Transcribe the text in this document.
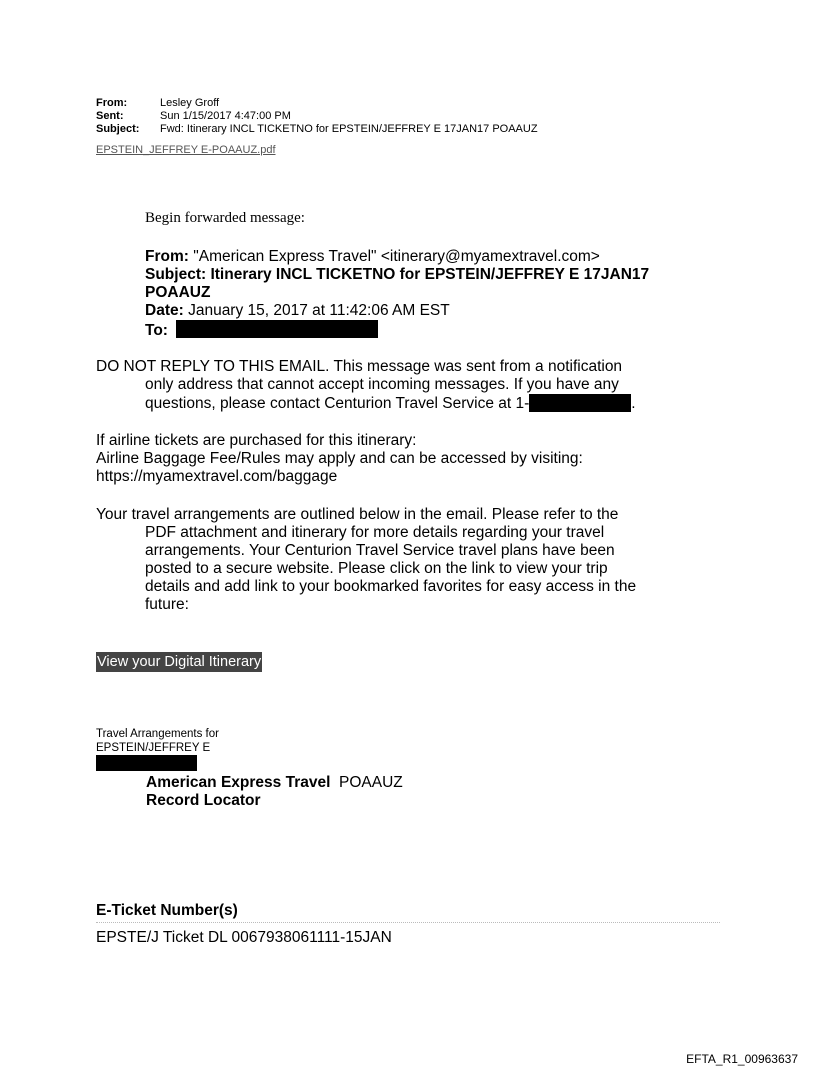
From:	Lesley Groff
Sent:	Sun 1/15/2017 4:47:00 PM
Subject: Fwd: Itinerary INCL TICKETNO for EPSTEIN/JEFFREY E 17JAN17 POAAUZ
EPSTEIN_JEFFREY E-POAAUZ.pdf
Begin forwarded message:
From: "American Express Travel" <itinerary@myamextravel.com>
Subject: Itinerary INCL TICKETNO for EPSTEIN/JEFFREY E 17JAN17
POAAUZ
Date: January 15, 2017 at 11:42:06 AM EST
To:
DO NOT REPLY TO THIS EMAIL. This message was sent from a notification
only address that cannot accept incoming messages. If you have any
questions, please contact Centurion Travel Service at 1-	.
If airline tickets are purchased for this itinerary:
Airline Baggage Fee/Rules may apply and can be accessed by visiting:
https://myamextravel.com/baggage
Your travel arrangements are outlined below in the email. Please refer to the
PDF attachment and itinerary for more details regarding your travel
arrangements. Your Centurion Travel Service travel plans have been
posted to a secure website. Please click on the link to view your trip
details and add link to your bookmarked favorites for easy access in the
future:
View your Digital Itinerary
Travel Arrangements for
EPSTEIN/JEFFREY E
American Express Travel POAAUZ
Record Locator
E-Ticket Number(s)
EPSTE/J Ticket DL 0067938061111-15JAN
EFTA_R1_00963637
